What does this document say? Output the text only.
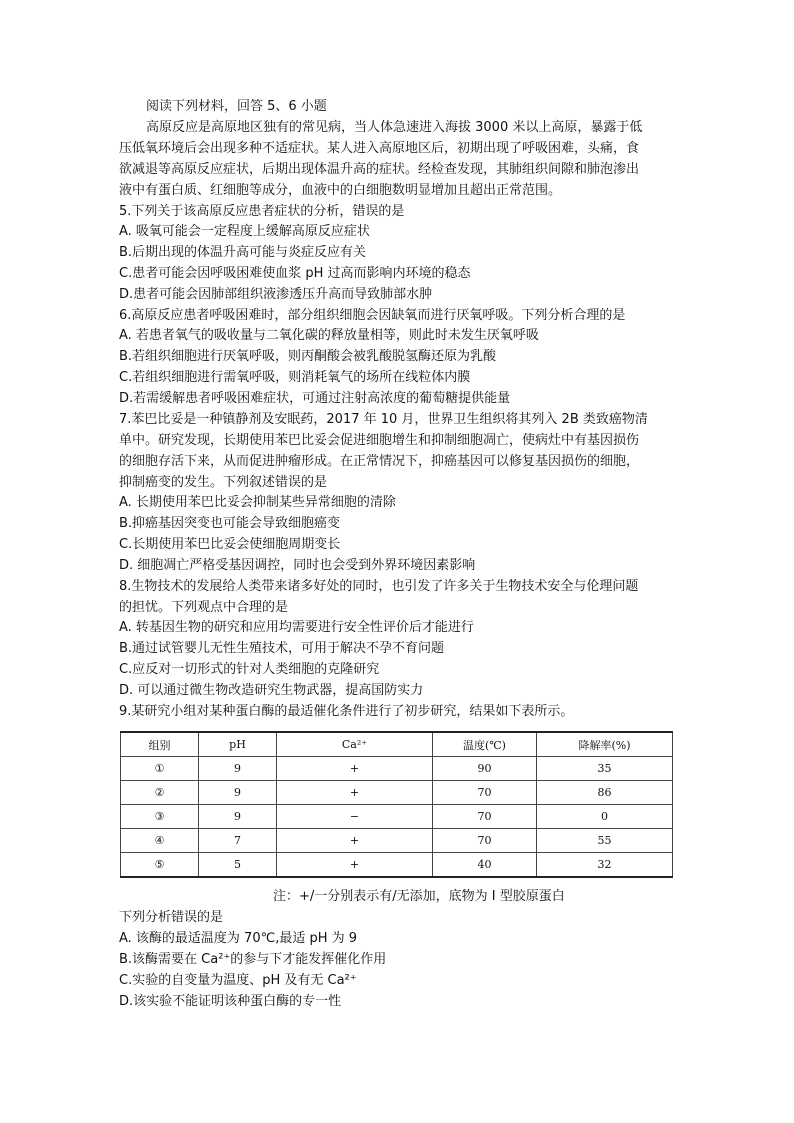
阅读下列材料，回答 5、6 小题
高原反应是高原地区独有的常见病，当人体急速进入海拔 3000 米以上高原，暴露于低
压低氧环境后会出现多种不适症状。某人进入高原地区后，初期出现了呼吸困难，头痛，食
欲减退等高原反应症状，后期出现体温升高的症状。经检查发现，其肺组织间隙和肺泡渗出
液中有蛋白质、红细胞等成分，血液中的白细胞数明显增加且超出正常范围。
5.下列关于该高原反应患者症状的分析，错误的是
A. 吸氧可能会一定程度上缓解高原反应症状
B.后期出现的体温升高可能与炎症反应有关
C.患者可能会因呼吸困难使血浆 pH 过高而影响内环境的稳态
D.患者可能会因肺部组织液渗透压升高而导致肺部水肿
6.高原反应患者呼吸困难时，部分组织细胞会因缺氧而进行厌氧呼吸。下列分析合理的是
A. 若患者氧气的吸收量与二氧化碳的释放量相等，则此时未发生厌氧呼吸
B.若组织细胞进行厌氧呼吸，则丙酮酸会被乳酸脱氢酶还原为乳酸
C.若组织细胞进行需氧呼吸，则消耗氧气的场所在线粒体内膜
D.若需缓解患者呼吸困难症状，可通过注射高浓度的葡萄糖提供能量
7.苯巴比妥是一种镇静剂及安眠药，2017 年 10 月，世界卫生组织将其列入 2B 类致癌物清
单中。研究发现，长期使用苯巴比妥会促进细胞增生和抑制细胞凋亡，使病灶中有基因损伤
的细胞存活下来，从而促进肿瘤形成。在正常情况下，抑癌基因可以修复基因损伤的细胞，
抑制癌变的发生。下列叙述错误的是
A. 长期使用苯巴比妥会抑制某些异常细胞的清除
B.抑癌基因突变也可能会导致细胞癌变
C.长期使用苯巴比妥会使细胞周期变长
D. 细胞凋亡严格受基因调控，同时也会受到外界环境因素影响
8.生物技术的发展给人类带来诸多好处的同时，也引发了许多关于生物技术安全与伦理问题
的担忧。下列观点中合理的是
A. 转基因生物的研究和应用均需要进行安全性评价后才能进行
B.通过试管婴儿无性生殖技术，可用于解决不孕不育问题
C.应反对一切形式的针对人类细胞的克隆研究
D. 可以通过微生物改造研究生物武器，提高国防实力
9.某研究小组对某种蛋白酶的最适催化条件进行了初步研究，结果如下表所示。
组别	pH	Ca²⁺	温度(℃)	降解率(%)
①	9	+	90	35
②	9	+	70	86
③	9	−	70	0
④	7	+	70	55
⑤	5	+	40	32
注：+/一分别表示有/无添加，底物为 I 型胶原蛋白
下列分析错误的是
A. 该酶的最适温度为 70℃,最适 pH 为 9
B.该酶需要在 Ca²⁺的参与下才能发挥催化作用
C.实验的自变量为温度、pH 及有无 Ca²⁺
D.该实验不能证明该种蛋白酶的专一性
